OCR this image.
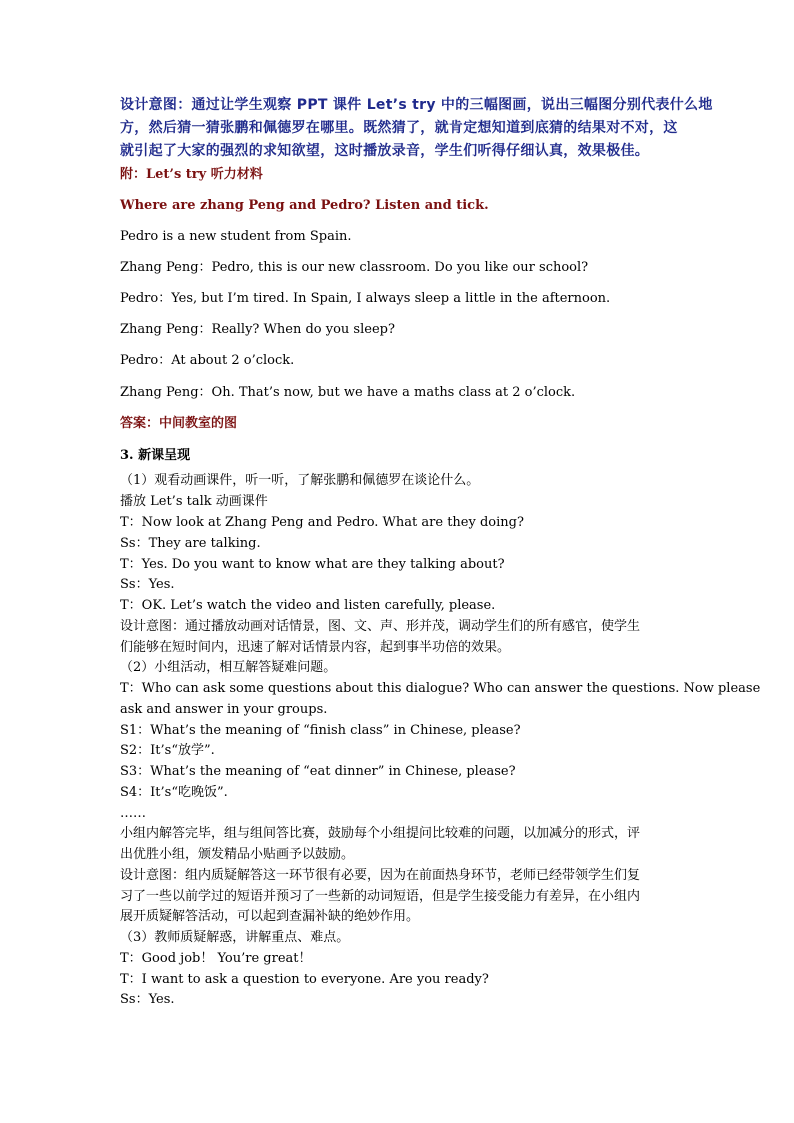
设计意图：通过让学生观察 PPT 课件 Let’s try 中的三幅图画，说出三幅图分别代表什么地
方，然后猜一猜张鹏和佩德罗在哪里。既然猜了，就肯定想知道到底猜的结果对不对，这
就引起了大家的强烈的求知欲望，这时播放录音，学生们听得仔细认真，效果极佳。
附：Let’s try 听力材料
Where are zhang Peng and Pedro? Listen and tick.
Pedro is a new student from Spain.
Zhang Peng：Pedro, this is our new classroom. Do you like our school?
Pedro：Yes, but I’m tired. In Spain, I always sleep a little in the afternoon.
Zhang Peng：Really? When do you sleep?
Pedro：At about 2 o’clock.
Zhang Peng：Oh. That’s now, but we have a maths class at 2 o’clock.
答案：中间教室的图
3. 新课呈现
（1）观看动画课件，听一听，了解张鹏和佩德罗在谈论什么。
播放 Let’s talk 动画课件
T：Now look at Zhang Peng and Pedro. What are they doing?
Ss：They are talking.
T：Yes. Do you want to know what are they talking about?
Ss：Yes.
T：OK. Let’s watch the video and listen carefully, please.
设计意图：通过播放动画对话情景，图、文、声、形并茂，调动学生们的所有感官，使学生
们能够在短时间内，迅速了解对话情景内容，起到事半功倍的效果。
（2）小组活动，相互解答疑难问题。
T：Who can ask some questions about this dialogue? Who can answer the questions. Now please
ask and answer in your groups.
S1：What’s the meaning of “finish class” in Chinese, please?
S2：It’s“放学”.
S3：What’s the meaning of “eat dinner” in Chinese, please?
S4：It’s“吃晚饭”.
……
小组内解答完毕，组与组间答比赛，鼓励每个小组提问比较难的问题，以加减分的形式，评
出优胜小组，颁发精品小贴画予以鼓励。
设计意图：组内质疑解答这一环节很有必要，因为在前面热身环节，老师已经带领学生们复
习了一些以前学过的短语并预习了一些新的动词短语，但是学生接受能力有差异，在小组内
展开质疑解答活动，可以起到查漏补缺的绝妙作用。
（3）教师质疑解惑，讲解重点、难点。
T：Good job！ You’re great！
T：I want to ask a question to everyone. Are you ready?
Ss：Yes.
